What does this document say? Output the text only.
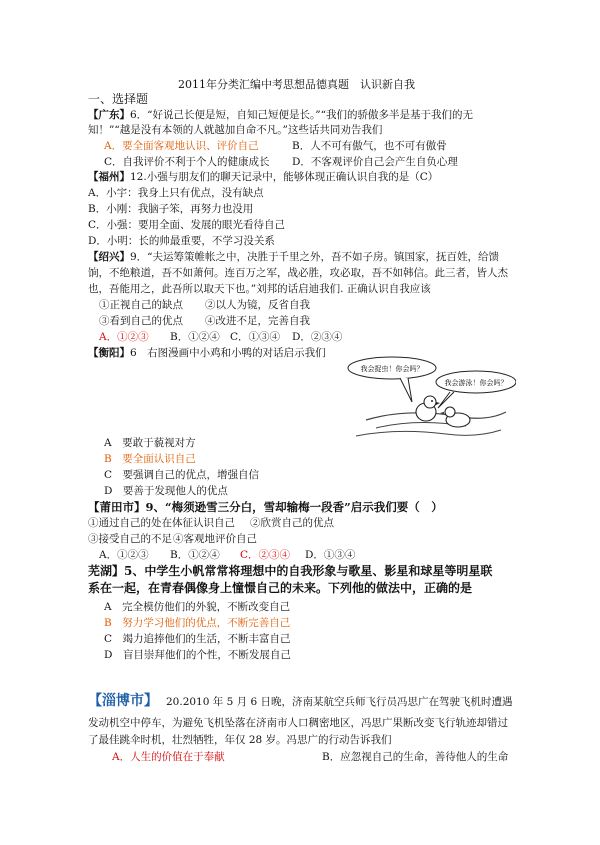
2011年分类汇编中考思想品德真题　认识新自我
一、选择题
【广东】6．“好说己长便是短，自知己短便是长。”“我们的骄傲多半是基于我们的无
知！”“越是没有本领的人就越加自命不凡。”这些话共同劝告我们
A．要全面客观地认识、评价自己	B．人不可有傲气，也不可有傲骨
C．自我评价不利于个人的健康成长 D．不客观评价自己会产生自负心理
【福州】12.小强与朋友们的聊天记录中，能够体现正确认识自我的是（C）
A．小宇：我身上只有优点，没有缺点
B．小刚：我脑子笨，再努力也没用
C．小强：要用全面、发展的眼光看待自己
D．小明：长的帅最重要，不学习没关系
【绍兴】9．“夫运筹策帷帐之中，决胜于千里之外，吾不如子房。镇国家，抚百姓，给馈
饷，不绝粮道，吾不如萧何。连百万之军，战必胜，攻必取，吾不如韩信。此三者，皆人杰
也，吾能用之，此吾所以取天下也。”刘邦的话启迪我们. 正确认识自我应该
①正视自己的缺点 ②以人为镜，反省自我
③看到自己的优点 ④改进不足，完善自我
A．①②③ B．①②④ C．①③④ D．②③④
【衡阳】6　右图漫画中小鸡和小鸭的对话启示我们
我会捉虫！你会吗？
我会游泳！你会吗？
A　要敢于藐视对方
B　要全面认识自己
C　要强调自己的优点，增强自信
D　要善于发现他人的优点
【莆田市】9、“梅须逊雪三分白，雪却输梅一段香”启示我们要（　）
①通过自己的处在体征认识自己 ②欣赏自己的优点
③接受自己的不足 ④客观地评价自己
A．①②③ B．①②④ C．②③④ D．①③④
芜湖】5、中学生小帆常常将理想中的自我形象与歌星、影星和球星等明星联
系在一起，在青春偶像身上憧憬自己的未来。下列他的做法中，正确的是
A　完全模仿他们的外貌，不断改变自己
B　努力学习他们的优点，不断完善自己
C　竭力追捧他们的生活，不断丰富自己
D　盲目崇拜他们的个性，不断发展自己
【淄博市】 20.2010 年 5 月 6 日晚，济南某航空兵师飞行员冯思广在驾驶飞机时遭遇
发动机空中停车，为避免飞机坠落在济南市人口稠密地区，冯思广果断改变飞行轨迹却错过
了最佳跳伞时机，壮烈牺牲，年仅 28 岁。冯思广的行动告诉我们
A．人生的价值在于奉献	B．应忽视自己的生命，善待他人的生命
